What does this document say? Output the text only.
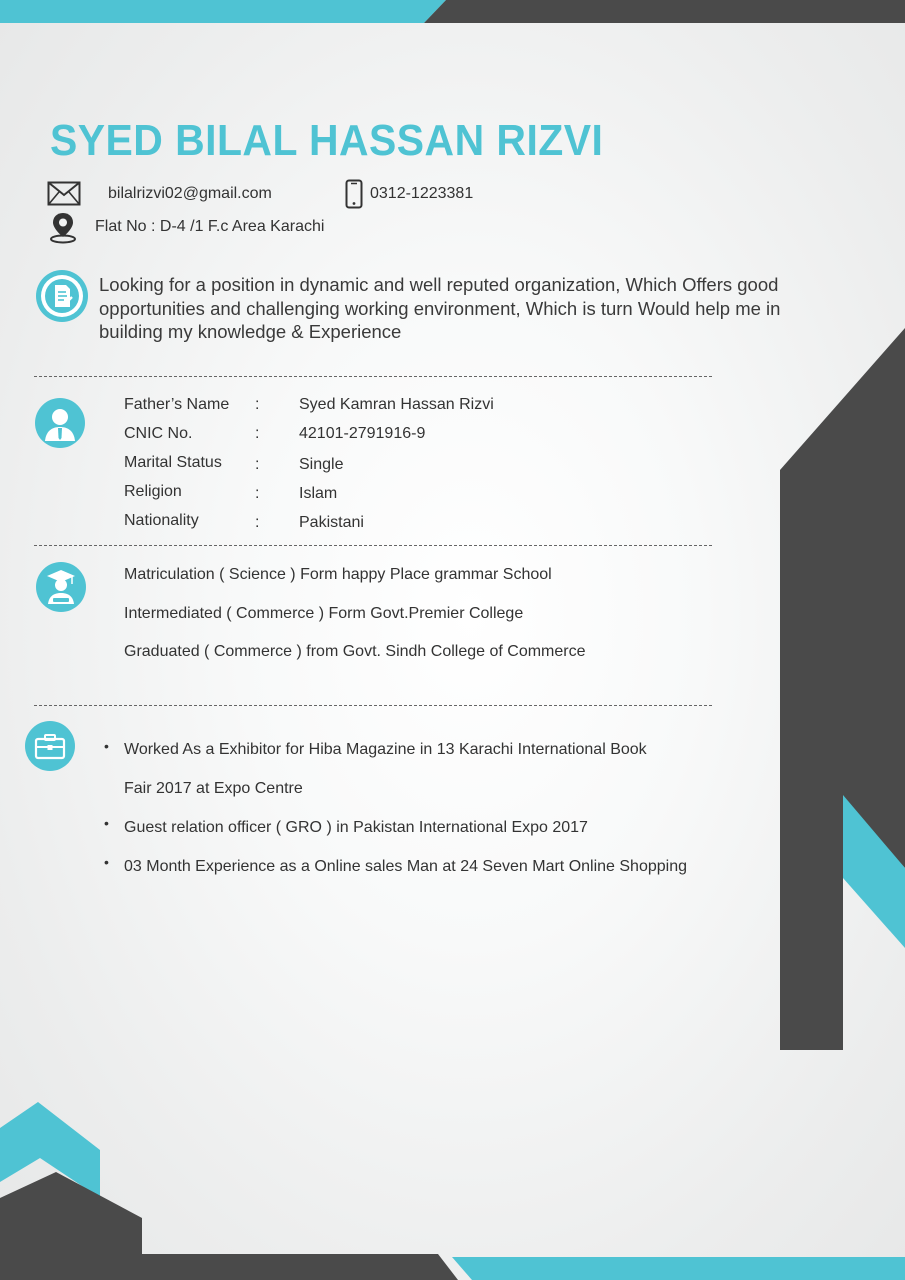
SYED BILAL HASSAN RIZVI
bilalrizvi02@gmail.com	0312-1223381
Flat No : D-4 /1 F.c Area Karachi

Looking for a position in dynamic and well reputed organization, Which Offers good opportunities and challenging working environment, Which is turn Would help me in building my knowledge & Experience

Father’s Name : Syed Kamran Hassan Rizvi
CNIC No.	: 42101-2791916-9
Marital Status : Single
Religion	: Islam
Nationality	: Pakistani
Matriculation ( Science ) Form happy Place grammar School
Intermediated ( Commerce ) Form Govt.Premier College
Graduated ( Commerce ) from Govt. Sindh College of Commerce
• Worked As a Exhibitor for Hiba Magazine in 13 Karachi International Book
Fair 2017 at Expo Centre
• Guest relation officer ( GRO ) in Pakistan International Expo 2017
• 03 Month Experience as a Online sales Man at 24 Seven Mart Online Shopping
